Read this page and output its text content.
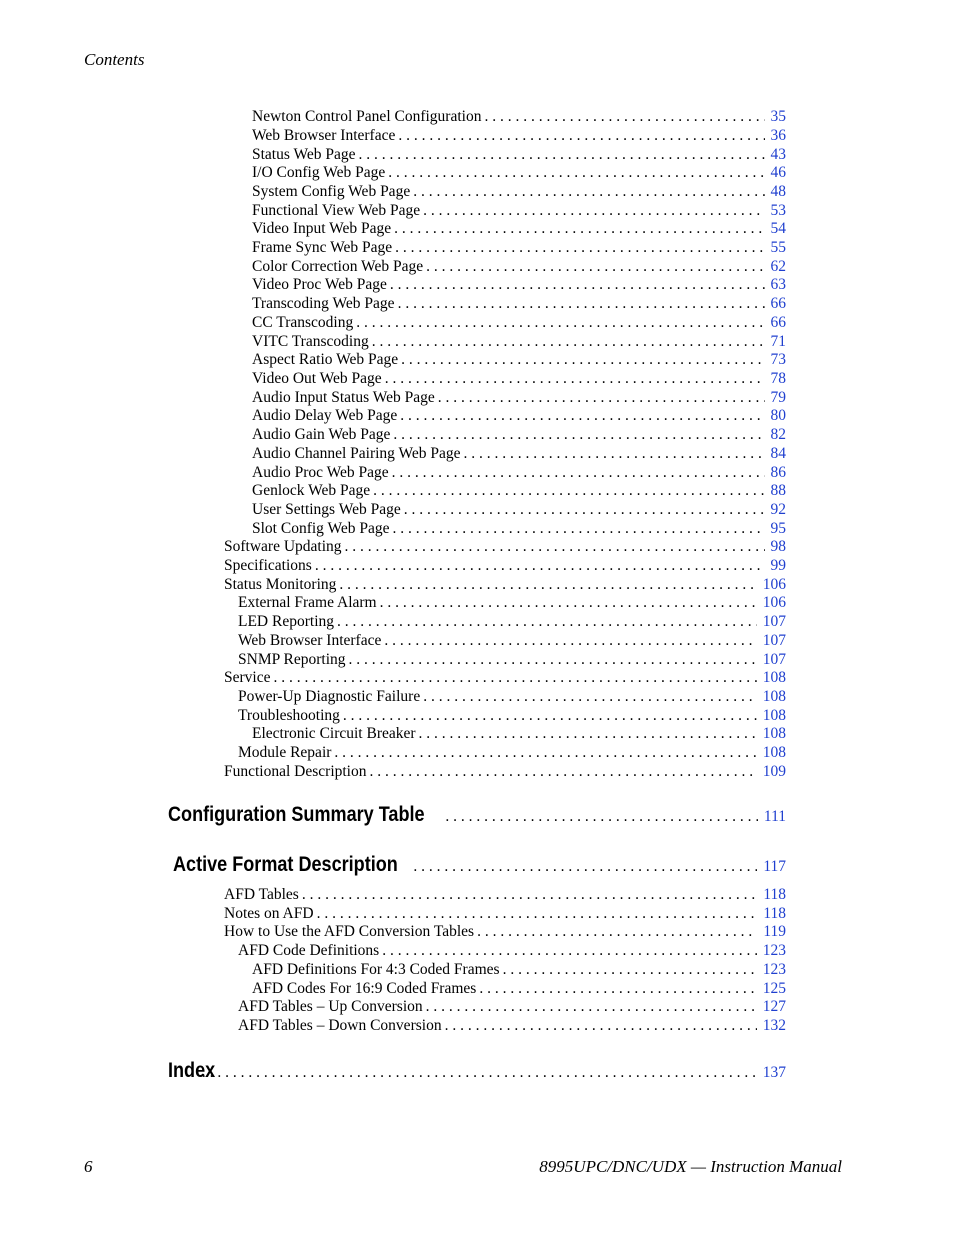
Contents
Newton Control Panel Configuration . . .	35
Web Browser Interface . . .	36
Status Web Page . . .	43
I/O Config Web Page . . .	46
System Config Web Page . . .	48
Functional View Web Page . . .	53
Video Input Web Page . . .	54
Frame Sync Web Page . . .	55
Color Correction Web Page . . .	62
Video Proc Web Page . . .	63
Transcoding Web Page . . .	66
CC Transcoding . . .	66
VITC Transcoding . . .	71
Aspect Ratio Web Page . . .	73
Video Out Web Page . . .	78
Audio Input Status Web Page . . .	79
Audio Delay Web Page . . .	80
Audio Gain Web Page . . .	82
Audio Channel Pairing Web Page . . .	84
Audio Proc Web Page . . .	86
Genlock Web Page . . .	88
User Settings Web Page . . .	92
Slot Config Web Page . . .	95
Software Updating . . .	98
Specifications . . .	99
Status Monitoring . . .	106
External Frame Alarm . . .	106
LED Reporting . . .	107
Web Browser Interface . . .	107
SNMP Reporting . . .	107
Service . . .	108
Power-Up Diagnostic Failure . . .	108
Troubleshooting . . .	108
Electronic Circuit Breaker . . .	108
Module Repair . . .	108
Functional Description . . .	109
Configuration Summary Table . . .	111
Active Format Description . . .	117
AFD Tables . . .	118
Notes on AFD . . .	118
How to Use the AFD Conversion Tables . . .	119
AFD Code Definitions . . .	123
AFD Definitions For 4:3 Coded Frames . . .	123
AFD Codes For 16:9 Coded Frames . . .	125
AFD Tables – Up Conversion . . .	127
AFD Tables – Down Conversion . . .	132
Index . . .	137
6	8995UPC/DNC/UDX — Instruction Manual
